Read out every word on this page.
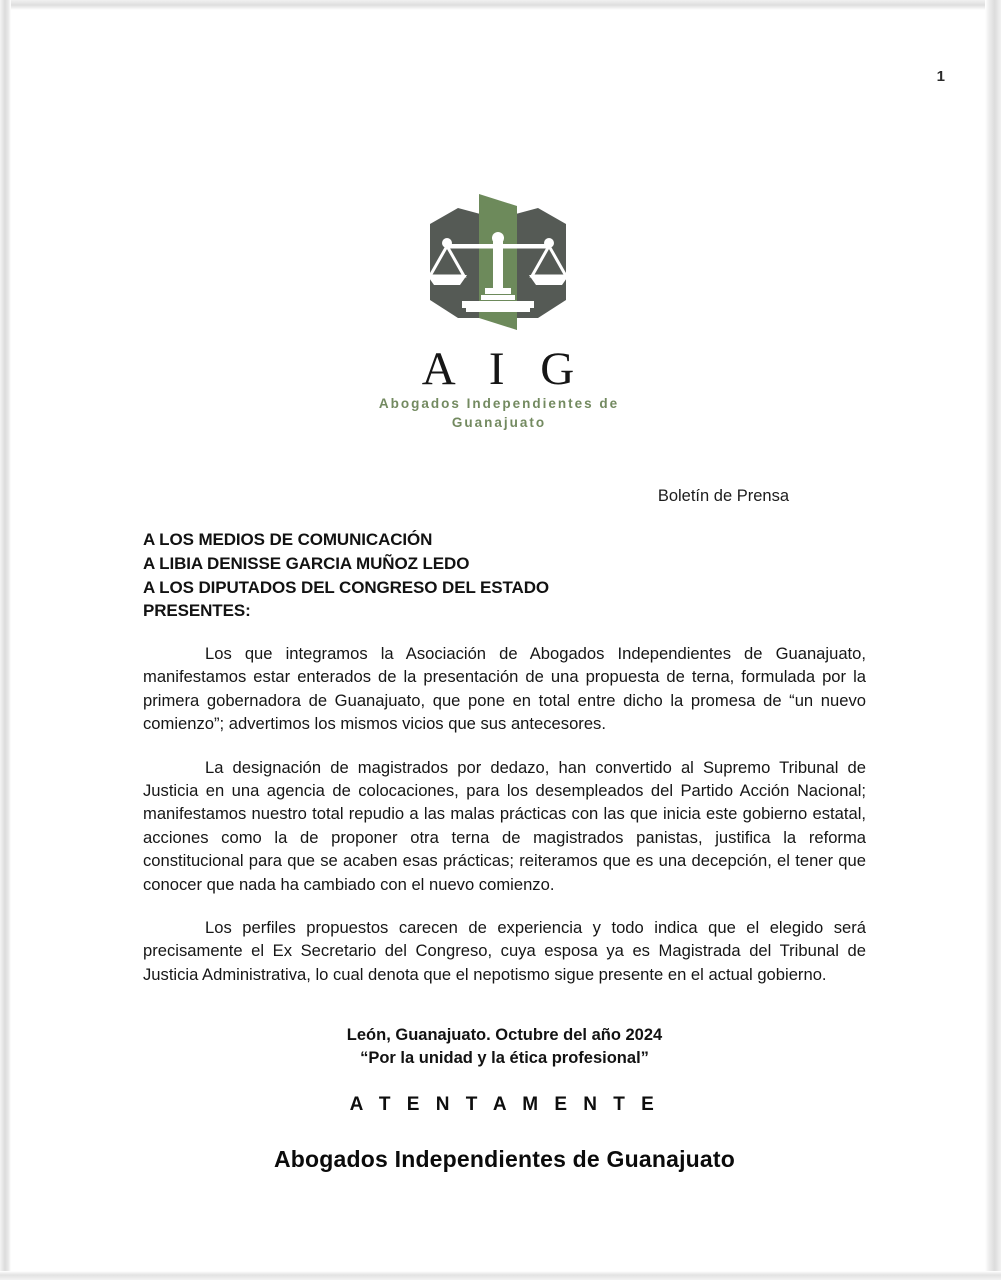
1
A I G
Abogados Independientes de
Guanajuato
Boletín de Prensa
A LOS MEDIOS DE COMUNICACIÓN
A LIBIA DENISSE GARCIA MUÑOZ LEDO
A LOS DIPUTADOS DEL CONGRESO DEL ESTADO
PRESENTES:

Los que integramos la Asociación de Abogados Independientes de Guanajuato, manifestamos estar enterados de la presentación de una propuesta de terna, formulada por la primera gobernadora de Guanajuato, que pone en total entre dicho la promesa de “un nuevo comienzo”; advertimos los mismos vicios que sus antecesores.

La designación de magistrados por dedazo, han convertido al Supremo Tribunal de Justicia en una agencia de colocaciones, para los desempleados del Partido Acción Nacional; manifestamos nuestro total repudio a las malas prácticas con las que inicia este gobierno estatal, acciones como la de proponer otra terna de magistrados panistas, justifica la reforma constitucional para que se acaben esas prácticas; reiteramos que es una decepción, el tener que conocer que nada ha cambiado con el nuevo comienzo.

Los perfiles propuestos carecen de experiencia y todo indica que el elegido será precisamente el Ex Secretario del Congreso, cuya esposa ya es Magistrada del Tribunal de Justicia Administrativa, lo cual denota que el nepotismo sigue presente en el actual gobierno.

León, Guanajuato. Octubre del año 2024
“Por la unidad y la ética profesional”
A T E N T A M E N T E
Abogados Independientes de Guanajuato
